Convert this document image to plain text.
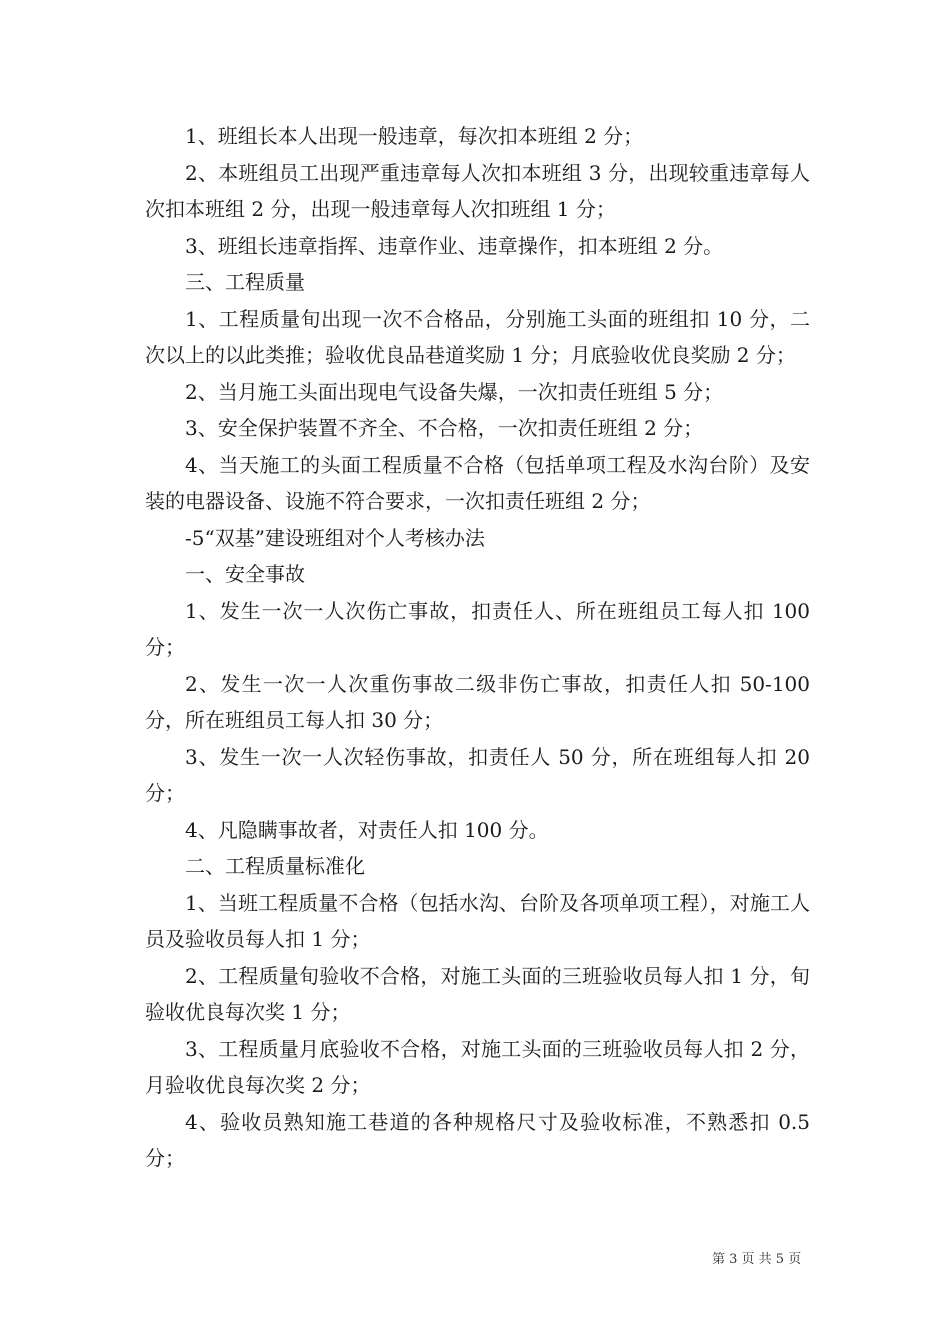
1、班组长本人出现一般违章，每次扣本班组 2 分；

2、本班组员工出现严重违章每人次扣本班组 3 分，出现较重违章每人次扣本班组 2 分，出现一般违章每人次扣班组 1 分；

3、班组长违章指挥、违章作业、违章操作，扣本班组 2 分。

三、工程质量

1、工程质量旬出现一次不合格品，分别施工头面的班组扣 10 分，二次以上的以此类推；验收优良品巷道奖励 1 分；月底验收优良奖励 2 分；

2、当月施工头面出现电气设备失爆，一次扣责任班组 5 分；

3、安全保护装置不齐全、不合格，一次扣责任班组 2 分；

4、当天施工的头面工程质量不合格（包括单项工程及水沟台阶）及安装的电器设备、设施不符合要求，一次扣责任班组 2 分；

-5“双基”建设班组对个人考核办法

一、安全事故

1、发生一次一人次伤亡事故，扣责任人、所在班组员工每人扣 100 分；

2、发生一次一人次重伤事故二级非伤亡事故，扣责任人扣 50-100 分，所在班组员工每人扣 30 分；

3、发生一次一人次轻伤事故，扣责任人 50 分，所在班组每人扣 20 分；

4、凡隐瞒事故者，对责任人扣 100 分。

二、工程质量标准化

1、当班工程质量不合格（包括水沟、台阶及各项单项工程），对施工人员及验收员每人扣 1 分；

2、工程质量旬验收不合格，对施工头面的三班验收员每人扣 1 分，旬验收优良每次奖 1 分；

3、工程质量月底验收不合格，对施工头面的三班验收员每人扣 2 分，月验收优良每次奖 2 分；

4、验收员熟知施工巷道的各种规格尺寸及验收标准，不熟悉扣 0.5 分；

第 3 页 共 5 页
